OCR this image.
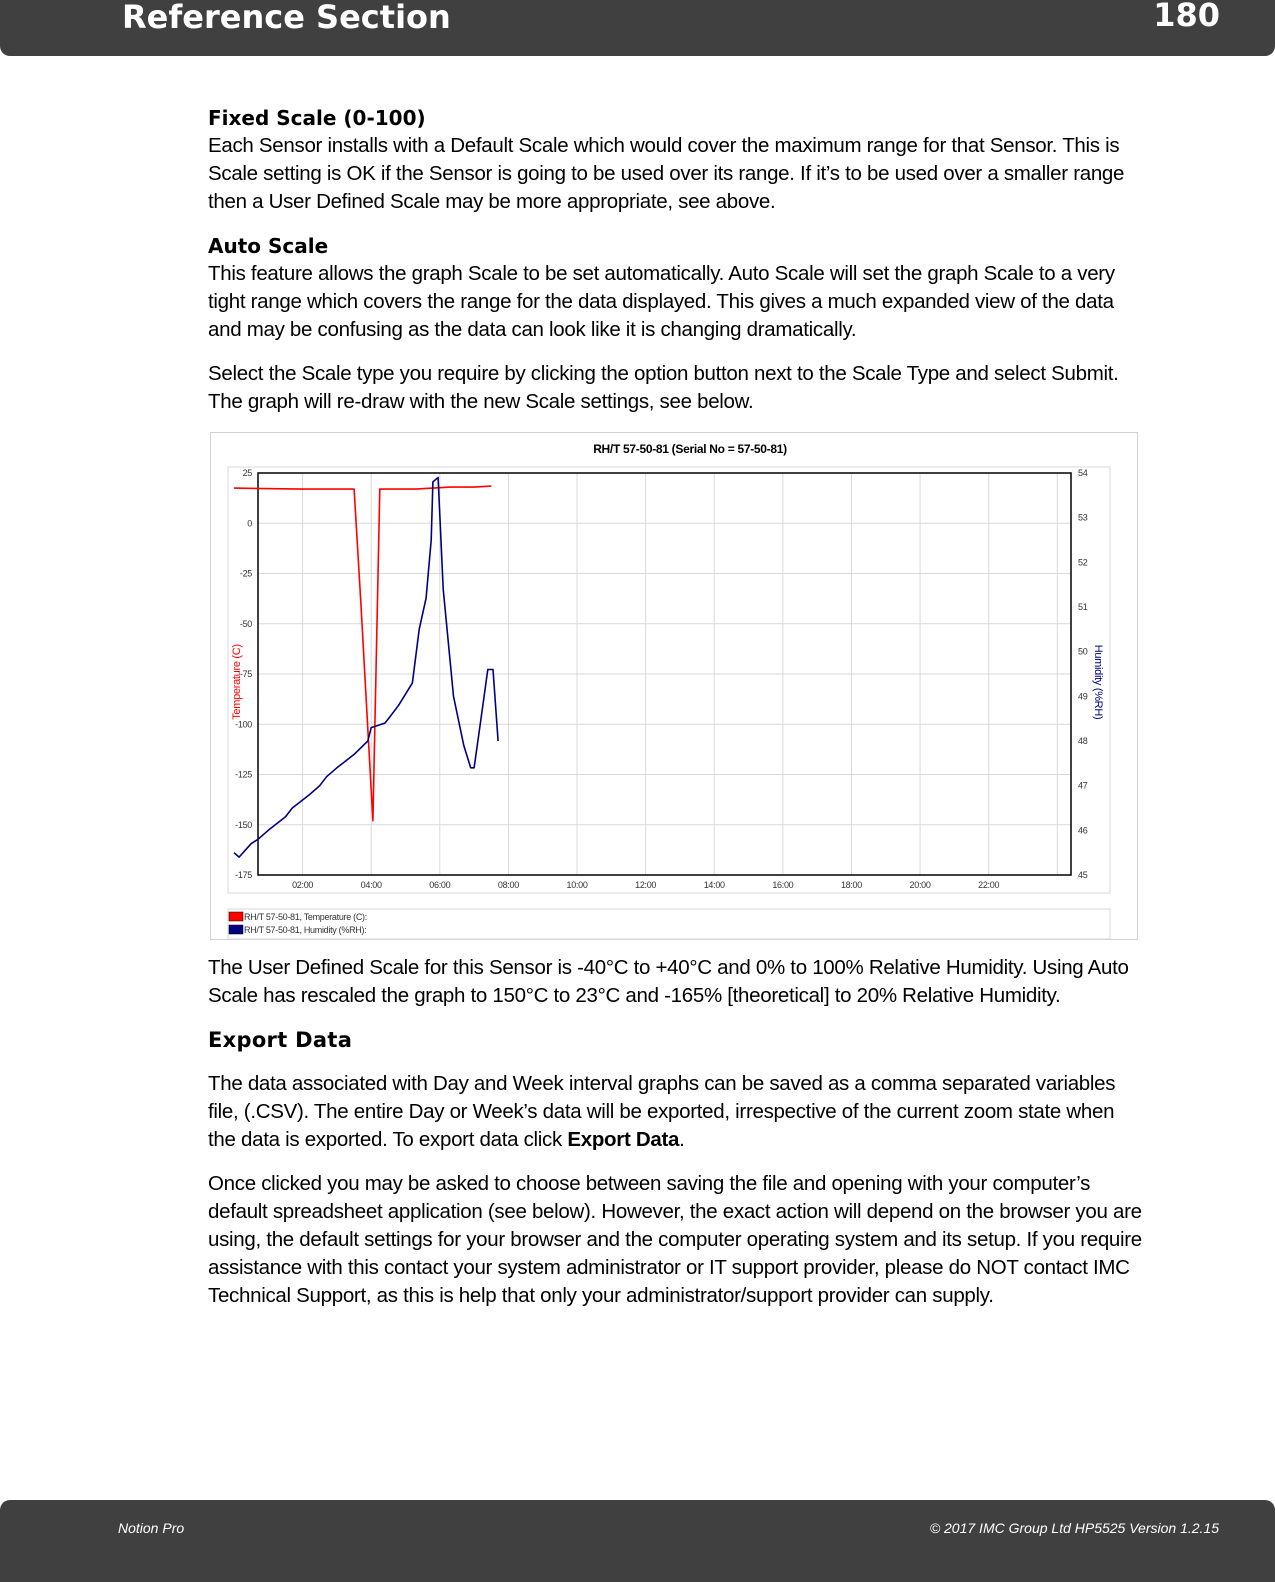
Reference Section	180

Fixed Scale (0-100)
Each Sensor installs with a Default Scale which would cover the maximum range for that Sensor. This is Scale setting is OK if the Sensor is going to be used over its range. If it’s to be used over a smaller range then a User Defined Scale may be more appropriate, see above.

Auto Scale
This feature allows the graph Scale to be set automatically. Auto Scale will set the graph Scale to a very tight range which covers the range for the data displayed. This gives a much expanded view of the data and may be confusing as the data can look like it is changing dramatically.

Select the Scale type you require by clicking the option button next to the Scale Type and select Submit. The graph will re-draw with the new Scale settings, see below.

RH/T 57-50-81 (Serial No = 57-50-81)
25
0
-25
-50
-75
-100
-125
-150
-175
54
53
52
51
50
49
48
47
46
45
02:00	04:00	06:00	08:00	10:00	12:00	14:00	16:00	18:00	20:00	22:00
Temperature (C)	Humidity (%RH)
RH/T 57-50-81, Temperature (C):
RH/T 57-50-81, Humidity (%RH):

The User Defined Scale for this Sensor is -40°C to +40°C and 0% to 100% Relative Humidity. Using Auto Scale has rescaled the graph to 150°C to 23°C and -165% [theoretical] to 20% Relative Humidity.

Export Data

The data associated with Day and Week interval graphs can be saved as a comma separated variables file, (.CSV). The entire Day or Week’s data will be exported, irrespective of the current zoom state when the data is exported. To export data click Export Data.

Once clicked you may be asked to choose between saving the file and opening with your computer’s default spreadsheet application (see below). However, the exact action will depend on the browser you are using, the default settings for your browser and the computer operating system and its setup. If you require assistance with this contact your system administrator or IT support provider, please do NOT contact IMC Technical Support, as this is help that only your administrator/support provider can supply.

Notion Pro	© 2017 IMC Group Ltd HP5525 Version 1.2.15
